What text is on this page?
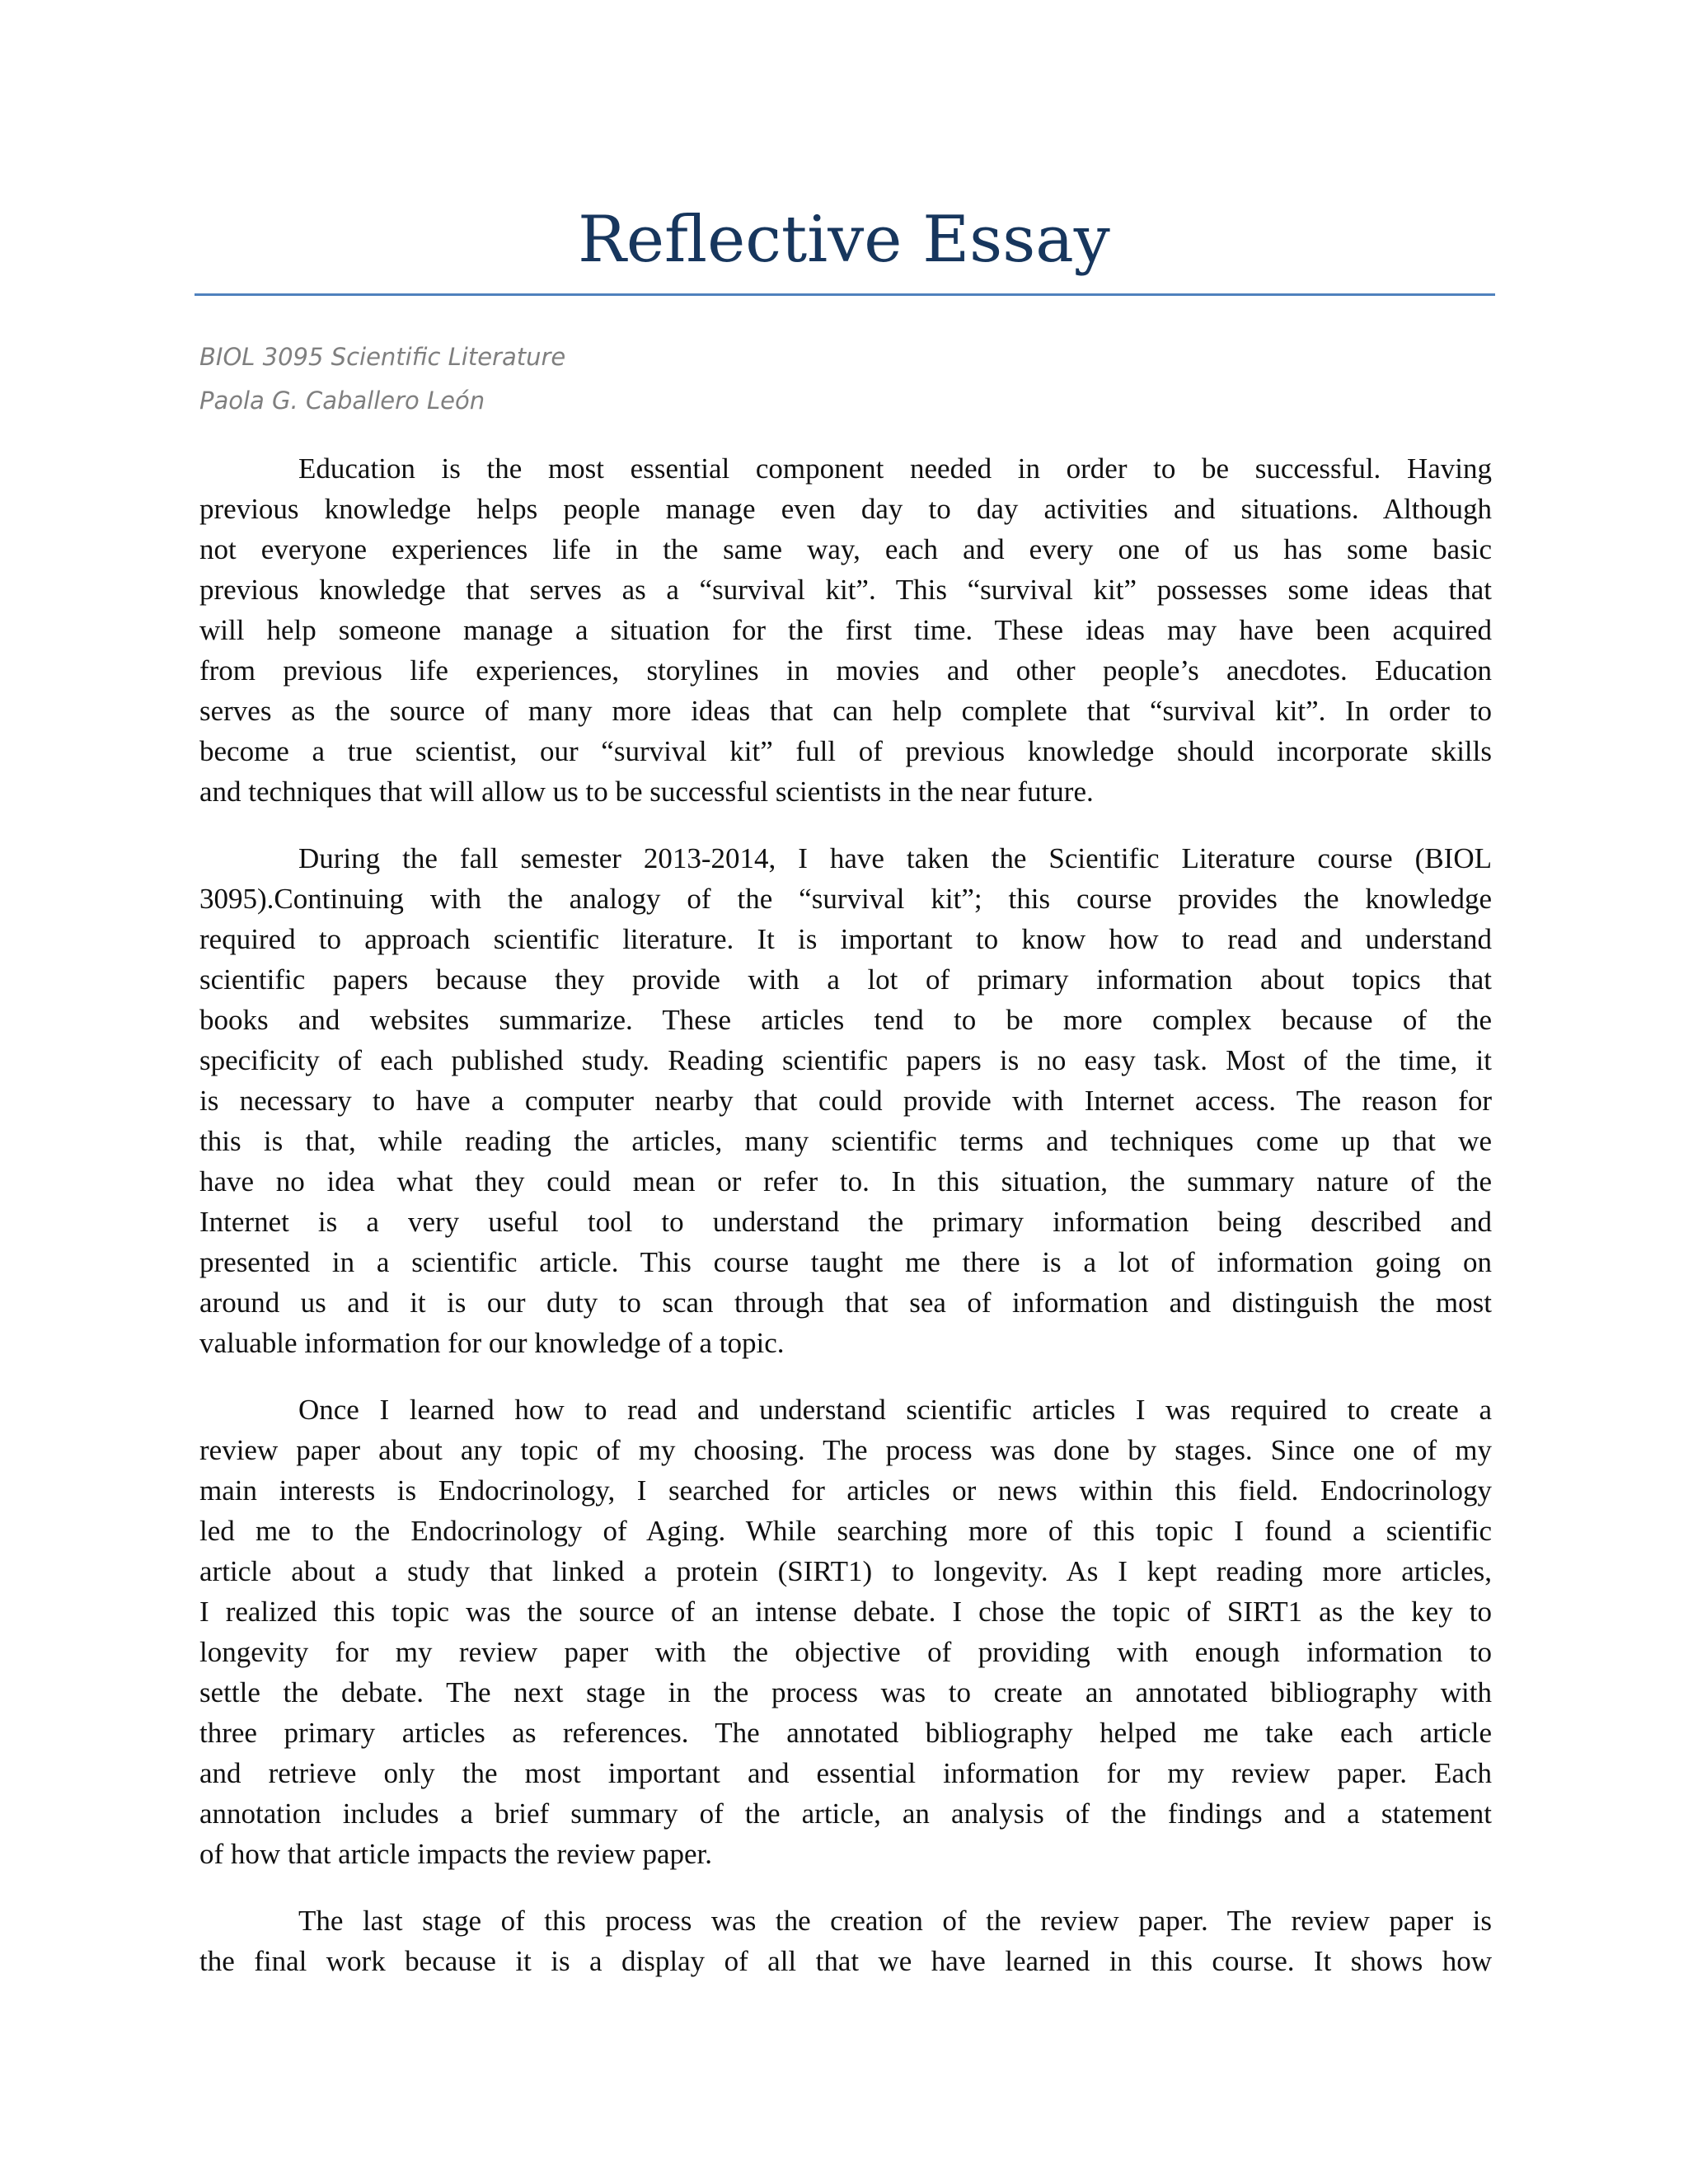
Reflective Essay
BIOL 3095 Scientific Literature
Paola G. Caballero León
Education is the most essential component needed in order to be successful. Having
previous knowledge helps people manage even day to day activities and situations. Although
not everyone experiences life in the same way, each and every one of us has some basic
previous knowledge that serves as a “survival kit”. This “survival kit” possesses some ideas that
will help someone manage a situation for the first time. These ideas may have been acquired
from previous life experiences, storylines in movies and other people’s anecdotes. Education
serves as the source of many more ideas that can help complete that “survival kit”. In order to
become a true scientist, our “survival kit” full of previous knowledge should incorporate skills
and techniques that will allow us to be successful scientists in the near future.
During the fall semester 2013-2014, I have taken the Scientific Literature course (BIOL
3095).Continuing with the analogy of the “survival kit”; this course provides the knowledge
required to approach scientific literature. It is important to know how to read and understand
scientific papers because they provide with a lot of primary information about topics that
books and websites summarize. These articles tend to be more complex because of the
specificity of each published study. Reading scientific papers is no easy task. Most of the time, it
is necessary to have a computer nearby that could provide with Internet access. The reason for
this is that, while reading the articles, many scientific terms and techniques come up that we
have no idea what they could mean or refer to. In this situation, the summary nature of the
Internet is a very useful tool to understand the primary information being described and
presented in a scientific article. This course taught me there is a lot of information going on
around us and it is our duty to scan through that sea of information and distinguish the most
valuable information for our knowledge of a topic.
Once I learned how to read and understand scientific articles I was required to create a
review paper about any topic of my choosing. The process was done by stages. Since one of my
main interests is Endocrinology, I searched for articles or news within this field. Endocrinology
led me to the Endocrinology of Aging. While searching more of this topic I found a scientific
article about a study that linked a protein (SIRT1) to longevity. As I kept reading more articles,
I realized this topic was the source of an intense debate. I chose the topic of SIRT1 as the key to
longevity for my review paper with the objective of providing with enough information to
settle the debate. The next stage in the process was to create an annotated bibliography with
three primary articles as references. The annotated bibliography helped me take each article
and retrieve only the most important and essential information for my review paper. Each
annotation includes a brief summary of the article, an analysis of the findings and a statement
of how that article impacts the review paper.
The last stage of this process was the creation of the review paper. The review paper is
the final work because it is a display of all that we have learned in this course. It shows how
